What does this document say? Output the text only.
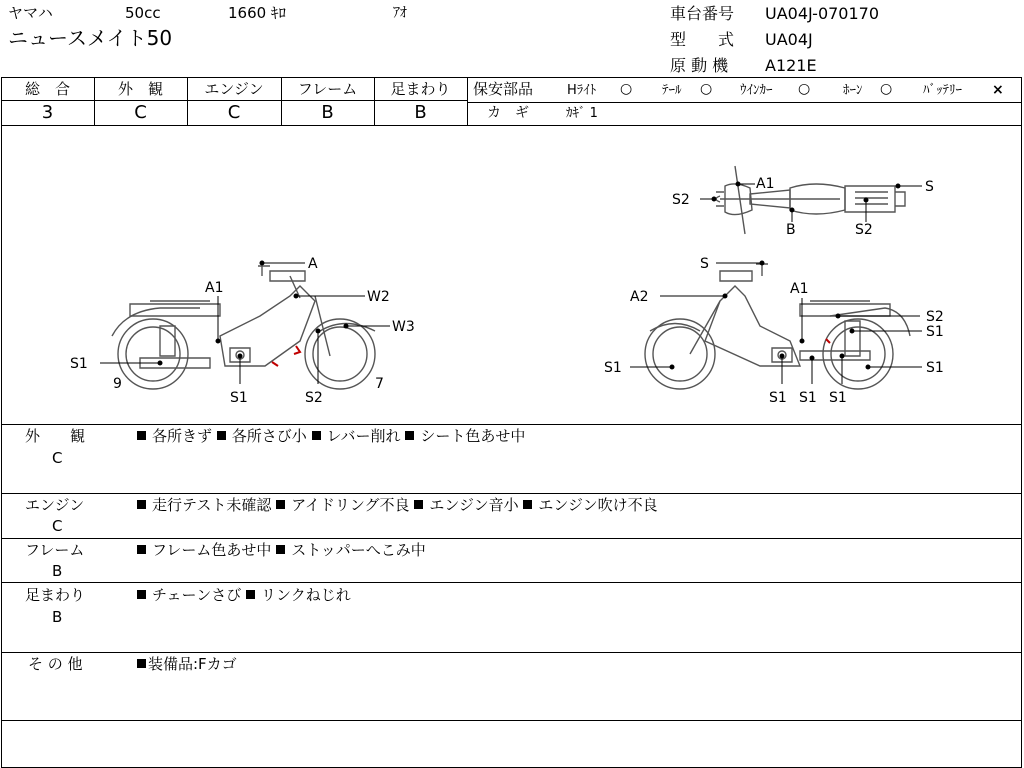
ヤマハ	50cc	1660 ｷﾛ	ｱｵ
ニュースメイト50
車台番号 UA04J-070170
型　　式 UA04J
原 動 機 A121E
総　合	外　観	エンジン	フレーム	足まわり
3	C	C	B	B
保安部品	Hﾗｲﾄ ○ ﾃｰﾙ ○ ｳｲﾝｶｰ ○	ﾎｰﾝ ○ ﾊﾞｯﾃﾘｰ ×
カ　ギ	ｶｷﾞ 1
A
A1
W2
W3
S1
9
S1	S2
7
S
A1
A2
S2
S1
S1	S1
S1 S1 S1
A1	S
S2
B	S2
外　　観
C
各所きず 各所さび小 レバー削れ シート色あせ中
エンジン
C
走行テスト未確認 アイドリング不良 エンジン音小 エンジン吹け不良
フレーム
B
フレーム色あせ中 ストッパーへこみ中
足まわり
B
チェーンさび リンクねじれ
そ の 他	装備品:Fカゴ
